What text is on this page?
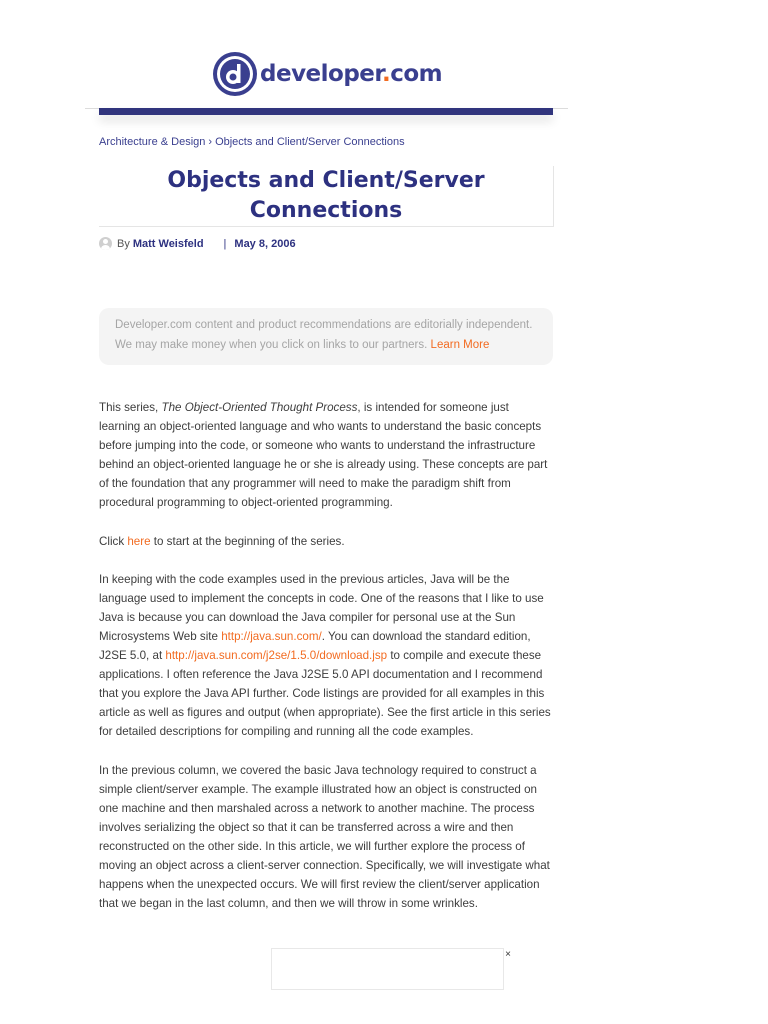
developer.com
Architecture & Design › Objects and Client/Server Connections
Objects and Client/Server
Connections
By Matt Weisfeld | May 8, 2006
Developer.com content and product recommendations are editorially independent. We may make money when you click on links to our partners. Learn More

This series, The Object-Oriented Thought Process, is intended for someone just learning an object-oriented language and who wants to understand the basic concepts before jumping into the code, or someone who wants to understand the infrastructure behind an object-oriented language he or she is already using. These concepts are part of the foundation that any programmer will need to make the paradigm shift from procedural programming to object-oriented programming.

Click here to start at the beginning of the series.

In keeping with the code examples used in the previous articles, Java will be the language used to implement the concepts in code. One of the reasons that I like to use Java is because you can download the Java compiler for personal use at the Sun Microsystems Web site http://java.sun.com/. You can download the standard edition, J2SE 5.0, at http://java.sun.com/j2se/1.5.0/download.jsp to compile and execute these applications. I often reference the Java J2SE 5.0 API documentation and I recommend that you explore the Java API further. Code listings are provided for all examples in this article as well as figures and output (when appropriate). See the first article in this series for detailed descriptions for compiling and running all the code examples.

In the previous column, we covered the basic Java technology required to construct a simple client/server example. The example illustrated how an object is constructed on one machine and then marshaled across a network to another machine. The process involves serializing the object so that it can be transferred across a wire and then reconstructed on the other side. In this article, we will further explore the process of moving an object across a client-server connection. Specifically, we will investigate what happens when the unexpected occurs. We will first review the client/server application that we began in the last column, and then we will throw in some wrinkles.

×
